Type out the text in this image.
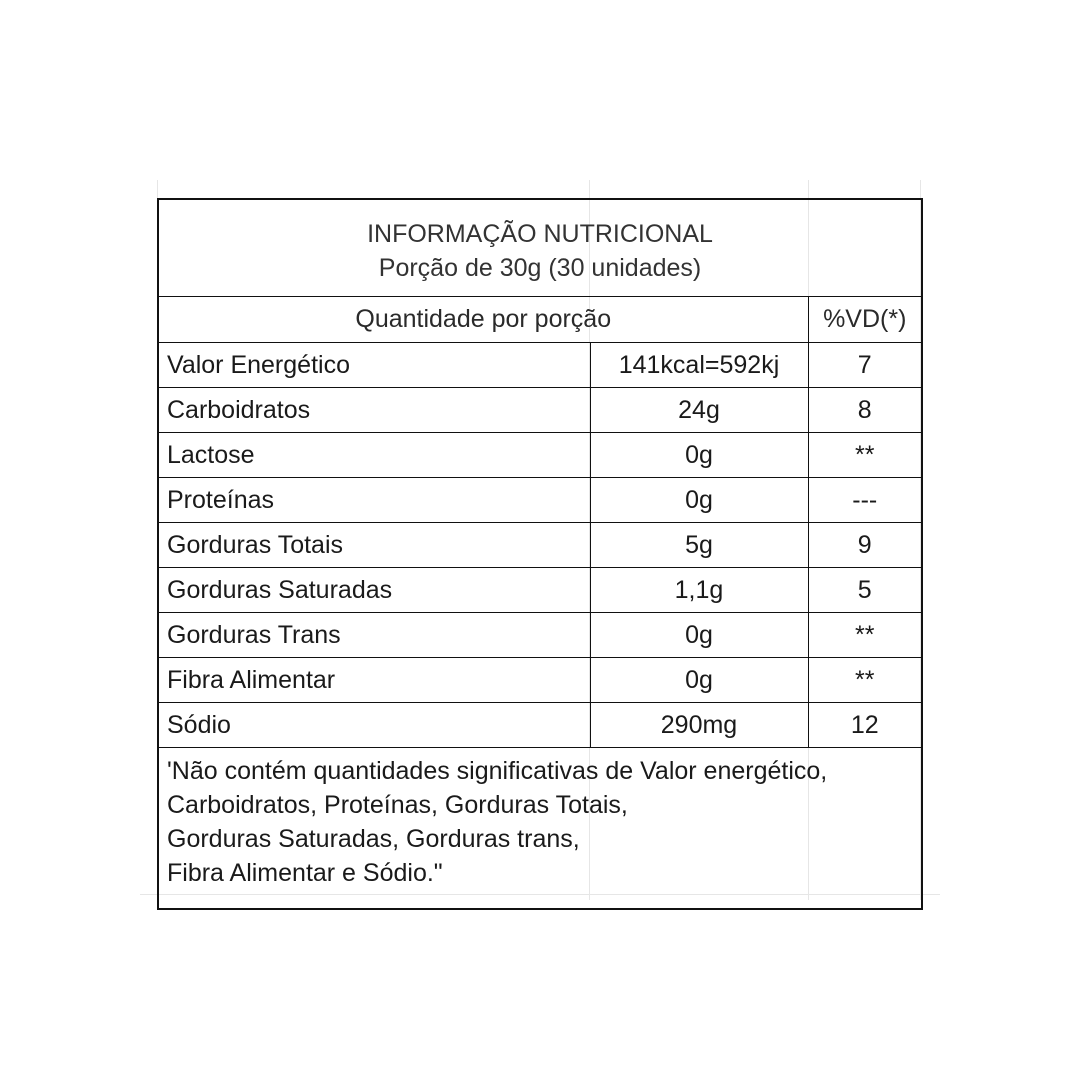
INFORMAÇÃO NUTRICIONAL
Porção de 30g (30 unidades)		

Quantidade por porção		%VD(*)
Valor Energético	141kcal=592kj	7
Carboidratos	24g	8
Lactose	0g	**
Proteínas	0g	---
Gorduras Totais	5g	9
Gorduras Saturadas	1,1g	5
Gorduras Trans	0g	**
Fibra Alimentar	0g	**
Sódio	290mg	12

'Não contém quantidades significativas de Valor energético,
Carboidratos, Proteínas, Gorduras Totais,
Gorduras Saturadas, Gorduras trans,
Fibra Alimentar e Sódio."		
